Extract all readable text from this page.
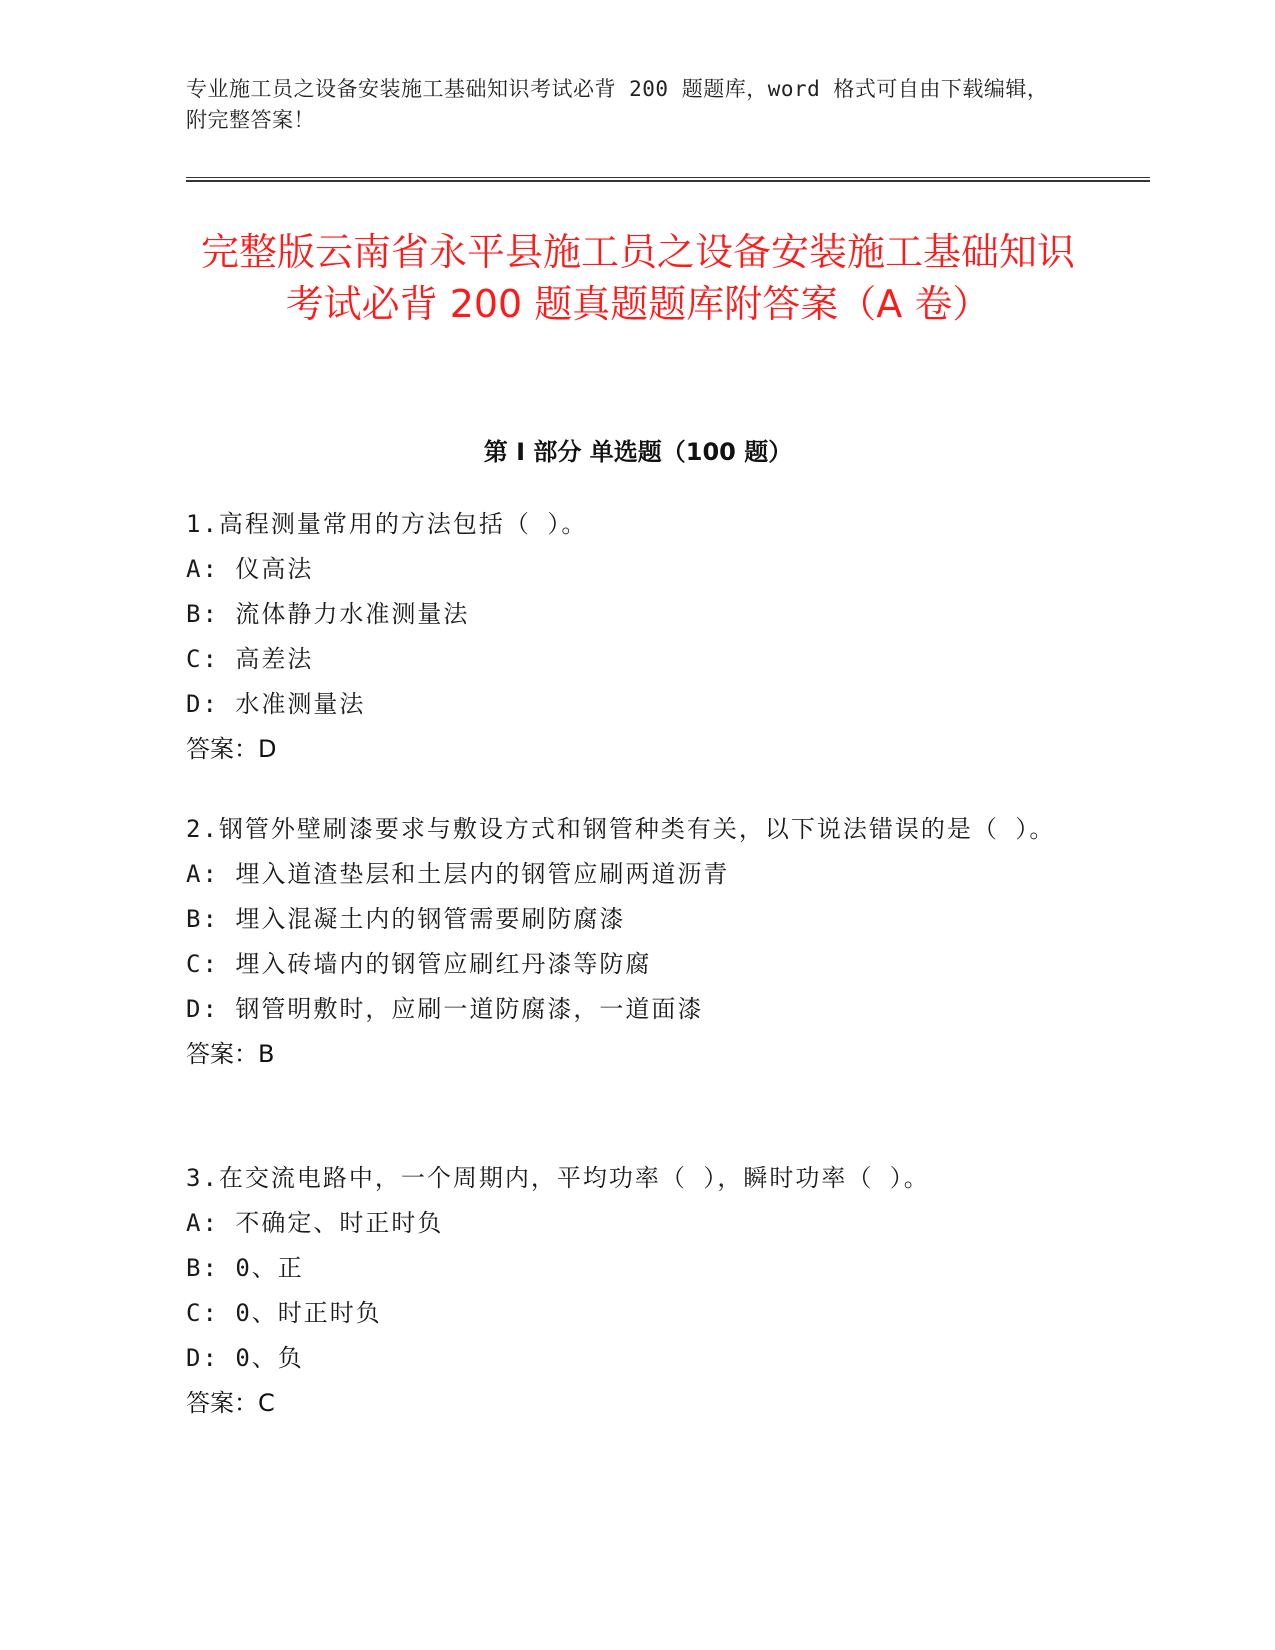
专业施工员之设备安装施工基础知识考试必背 200 题题库，word 格式可自由下载编辑，附完整答案！
完整版云南省永平县施工员之设备安装施工基础知识考试必背 200 题真题题库附答案（A 卷）
第 I 部分 单选题（100 题）
1.高程测量常用的方法包括（ ）。
A: 仪高法
B: 流体静力水准测量法
C: 高差法
D: 水准测量法
答案：D
2.钢管外壁刷漆要求与敷设方式和钢管种类有关，以下说法错误的是（ ）。
A: 埋入道渣垫层和土层内的钢管应刷两道沥青
B: 埋入混凝土内的钢管需要刷防腐漆
C: 埋入砖墙内的钢管应刷红丹漆等防腐
D: 钢管明敷时，应刷一道防腐漆，一道面漆
答案：B
3.在交流电路中，一个周期内，平均功率（ ），瞬时功率（ ）。
A: 不确定、时正时负
B: 0、正
C: 0、时正时负
D: 0、负
答案：C
